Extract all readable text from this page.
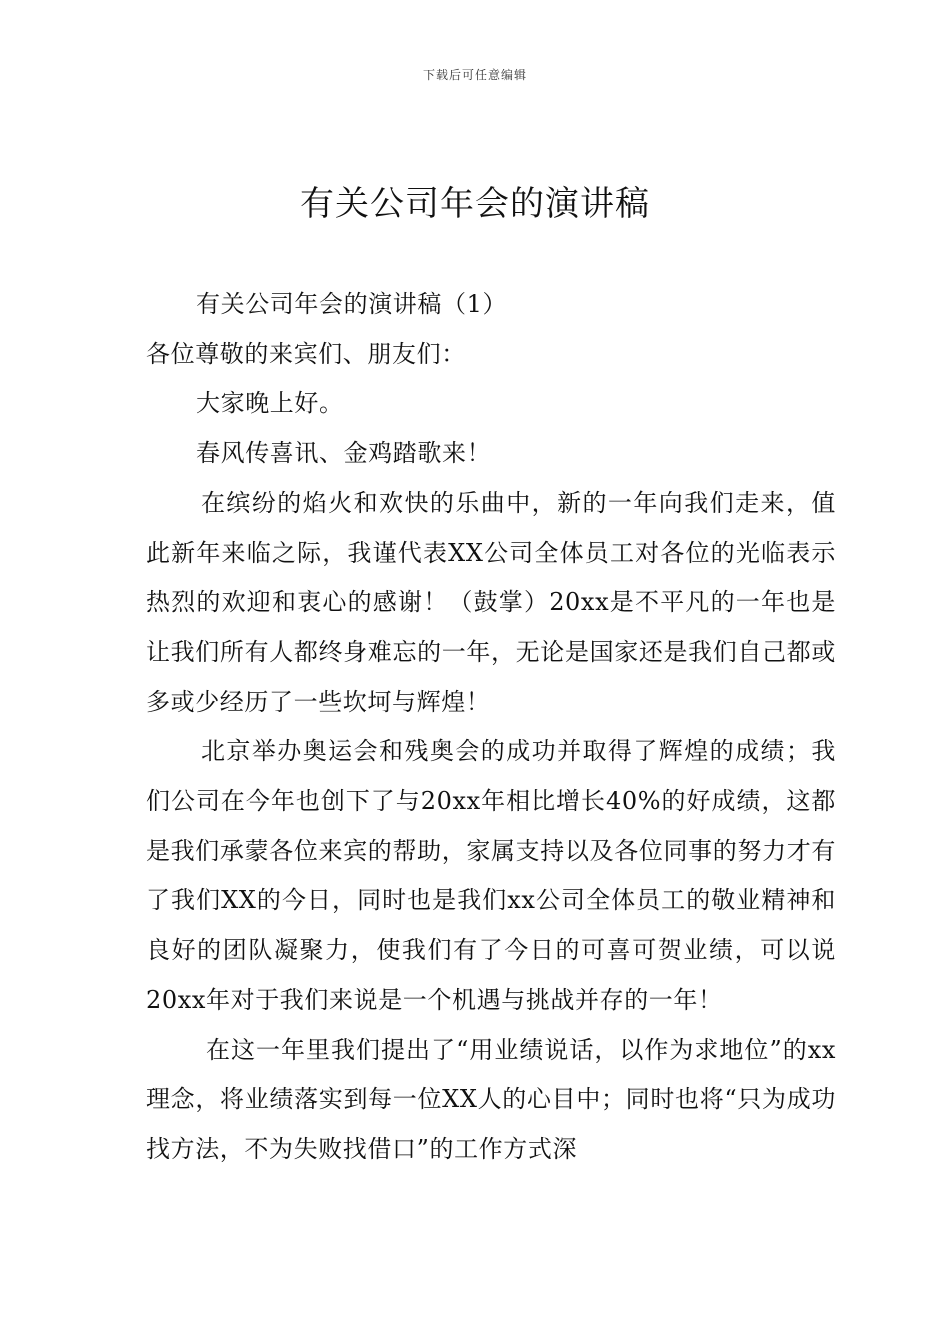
下载后可任意编辑
有关公司年会的演讲稿

有关公司年会的演讲稿（1）

各位尊敬的来宾们、朋友们：

大家晚上好。

春风传喜讯、金鸡踏歌来！

在缤纷的焰火和欢快的乐曲中，新的一年向我们走来，值此新年来临之际，我谨代表XX公司全体员工对各位的光临表示热烈的欢迎和衷心的感谢！（鼓掌）20xx是不平凡的一年也是让我们所有人都终身难忘的一年，无论是国家还是我们自己都或多或少经历了一些坎坷与辉煌！

北京举办奥运会和残奥会的成功并取得了辉煌的成绩；我们公司在今年也创下了与20xx年相比增长40%的好成绩，这都是我们承蒙各位来宾的帮助，家属支持以及各位同事的努力才有了我们XX的今日，同时也是我们xx公司全体员工的敬业精神和良好的团队凝聚力，使我们有了今日的可喜可贺业绩，可以说20xx年对于我们来说是一个机遇与挑战并存的一年！

在这一年里我们提出了“用业绩说话，以作为求地位”的xx理念，将业绩落实到每一位XX人的心目中；同时也将“只为成功找方法，不为失败找借口”的工作方式深
